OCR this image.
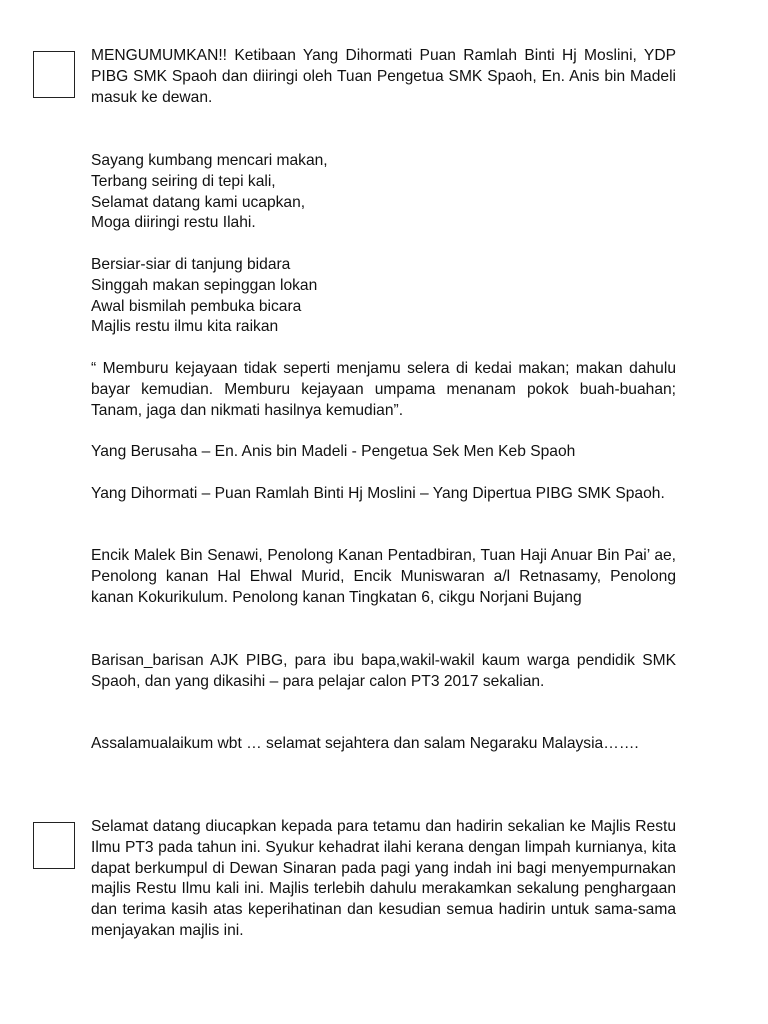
MENGUMUMKAN!! Ketibaan Yang Dihormati Puan Ramlah Binti Hj Moslini, YDP PIBG SMK Spaoh dan diiringi oleh Tuan Pengetua SMK Spaoh, En. Anis bin Madeli masuk ke dewan.

Sayang kumbang mencari makan,
Terbang seiring di tepi kali,
Selamat datang kami ucapkan,
Moga diiringi restu Ilahi.
Bersiar-siar di tanjung bidara
Singgah makan sepinggan lokan
Awal bismilah pembuka bicara
Majlis restu ilmu kita raikan

“ Memburu kejayaan tidak seperti menjamu selera di kedai makan; makan dahulu bayar kemudian. Memburu kejayaan umpama menanam pokok buah-buahan; Tanam, jaga dan nikmati hasilnya kemudian”.

Yang Berusaha – En. Anis bin Madeli - Pengetua Sek Men Keb Spaoh

Yang Dihormati – Puan Ramlah Binti Hj Moslini – Yang Dipertua PIBG SMK Spaoh.

Encik Malek Bin Senawi, Penolong Kanan Pentadbiran, Tuan Haji Anuar Bin Pai’ ae, Penolong kanan Hal Ehwal Murid, Encik Muniswaran a/l Retnasamy, Penolong kanan Kokurikulum. Penolong kanan Tingkatan 6, cikgu Norjani Bujang

Barisan_barisan AJK PIBG, para ibu bapa,wakil-wakil kaum warga pendidik SMK Spaoh, dan yang dikasihi – para pelajar calon PT3 2017 sekalian.

Assalamualaikum wbt … selamat sejahtera dan salam Negaraku Malaysia…….

Selamat datang diucapkan kepada para tetamu dan hadirin sekalian ke Majlis Restu Ilmu PT3 pada tahun ini. Syukur kehadrat ilahi kerana dengan limpah kurnianya, kita dapat berkumpul di Dewan Sinaran pada pagi yang indah ini bagi menyempurnakan majlis Restu Ilmu kali ini. Majlis terlebih dahulu merakamkan sekalung penghargaan dan terima kasih atas keperihatinan dan kesudian semua hadirin untuk sama-sama menjayakan majlis ini.
